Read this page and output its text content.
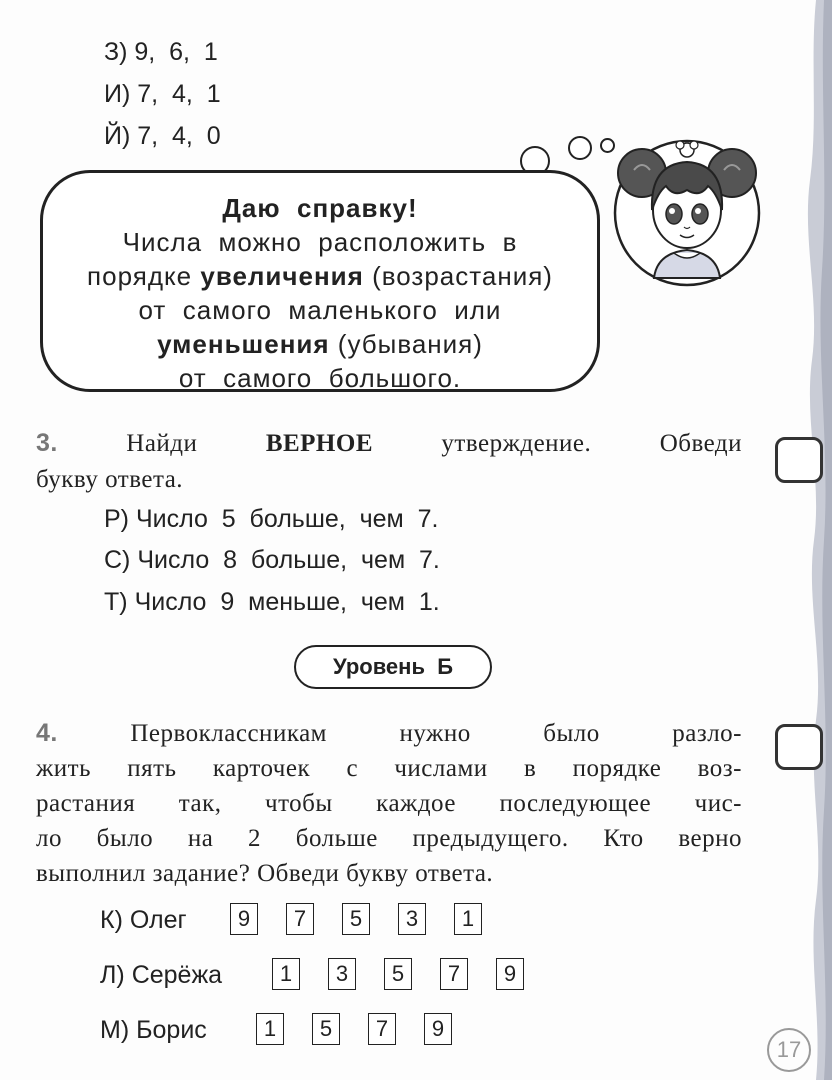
З) 9,  6,  1
И) 7,  4,  1
Й) 7,  4,  0
Даю  справку!
Числа  можно  расположить  в
порядке увеличения (возрастания)
от  самого  маленького  или
уменьшения (убывания)
от  самого  большого.
3. Найди ВЕРНОЕ утверждение. Обведи
букву ответа.
Р) Число  5  больше,  чем  7.
С) Число  8  больше,  чем  7.
Т) Число  9  меньше,  чем  1.
Уровень  Б
4. Первоклассникам нужно было разло-
жить пять карточек с числами в порядке воз-
растания так, чтобы каждое последующее чис-
ло было на 2 больше предыдущего. Кто верно
выполнил задание? Обведи букву ответа.
К) Олег	9	7	5	3	1
Л) Серёжа	1	3	5	7	9
М) Борис	1	5	7	9
17
